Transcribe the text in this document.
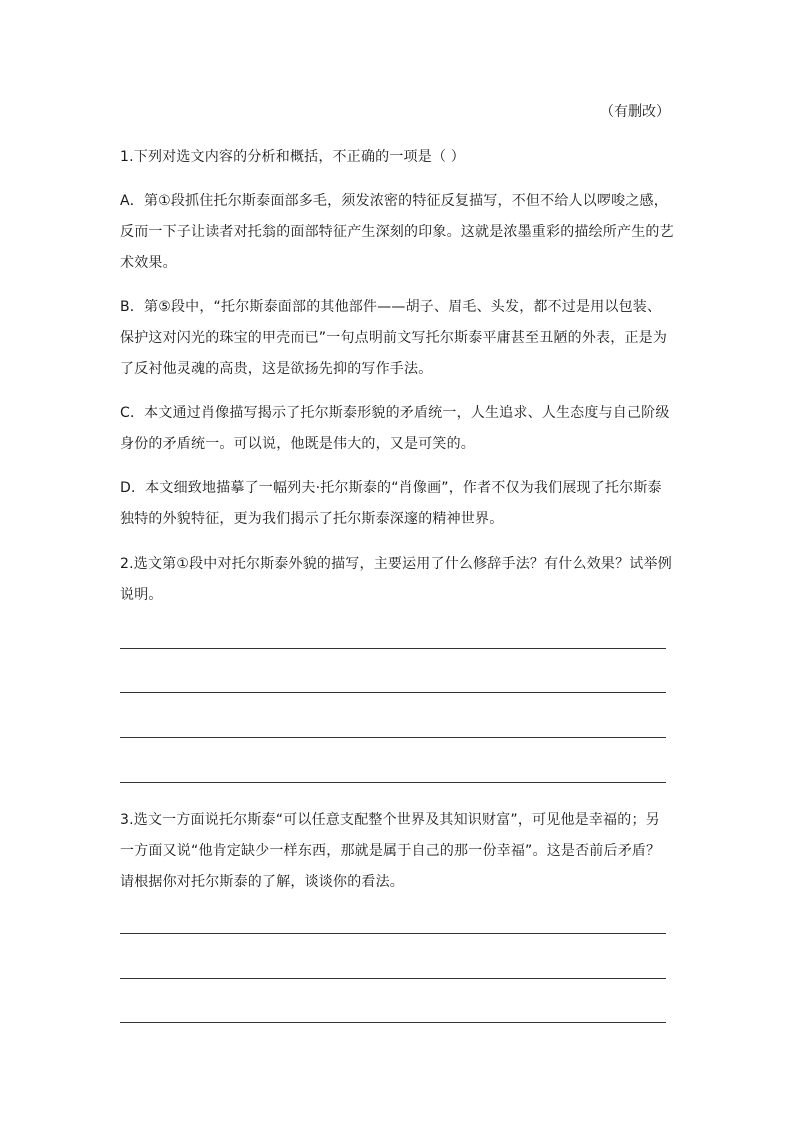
（有删改）

1.下列对选文内容的分析和概括，不正确的一项是（ ）

A．第①段抓住托尔斯泰面部多毛，须发浓密的特征反复描写，不但不给人以啰唆之感，反而一下子让读者对托翁的面部特征产生深刻的印象。这就是浓墨重彩的描绘所产生的艺术效果。

B．第⑤段中，“托尔斯泰面部的其他部件——胡子、眉毛、头发，都不过是用以包装、保护这对闪光的珠宝的甲壳而已”一句点明前文写托尔斯泰平庸甚至丑陋的外表，正是为了反衬他灵魂的高贵，这是欲扬先抑的写作手法。

C．本文通过肖像描写揭示了托尔斯泰形貌的矛盾统一，人生追求、人生态度与自己阶级身份的矛盾统一。可以说，他既是伟大的，又是可笑的。

D．本文细致地描摹了一幅列夫·托尔斯泰的“肖像画”，作者不仅为我们展现了托尔斯泰独特的外貌特征，更为我们揭示了托尔斯泰深邃的精神世界。

2.选文第①段中对托尔斯泰外貌的描写，主要运用了什么修辞手法？有什么效果？试举例说明。

3.选文一方面说托尔斯泰“可以任意支配整个世界及其知识财富”，可见他是幸福的；另一方面又说“他肯定缺少一样东西，那就是属于自己的那一份幸福”。这是否前后矛盾？请根据你对托尔斯泰的了解，谈谈你的看法。
